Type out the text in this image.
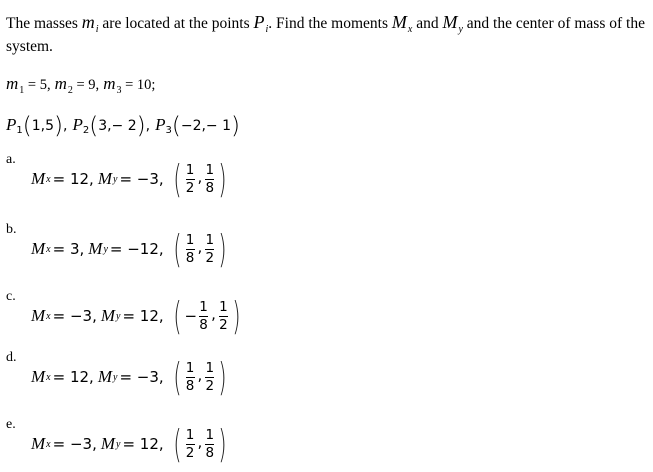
The masses $m_i$ are located at the points $P_i$. Find the moments $M_x$ and $M_y$ and the center of mass of the
system.
$m_1 = 5$, $m_2 = 9$, $m_3 = 10$;
$P_1(1,5)$, $P_2(3,- 2)$, $P_3(-2,- 1)$
a.
M x = 12, M y = −3, ( $\frac{1}{2}$ , $\frac{1}{8}$ )
b.
M x = 3, M y = −12, ( $\frac{1}{8}$ , $\frac{1}{2}$ )
c.
M x = −3, M y = 12, ( − $\frac{1}{8}$ , $\frac{1}{2}$ )
d.
M x = 12, M y = −3, ( $\frac{1}{8}$ , $\frac{1}{2}$ )
e.
M x = −3, M y = 12, ( $\frac{1}{2}$ , $\frac{1}{8}$ )
